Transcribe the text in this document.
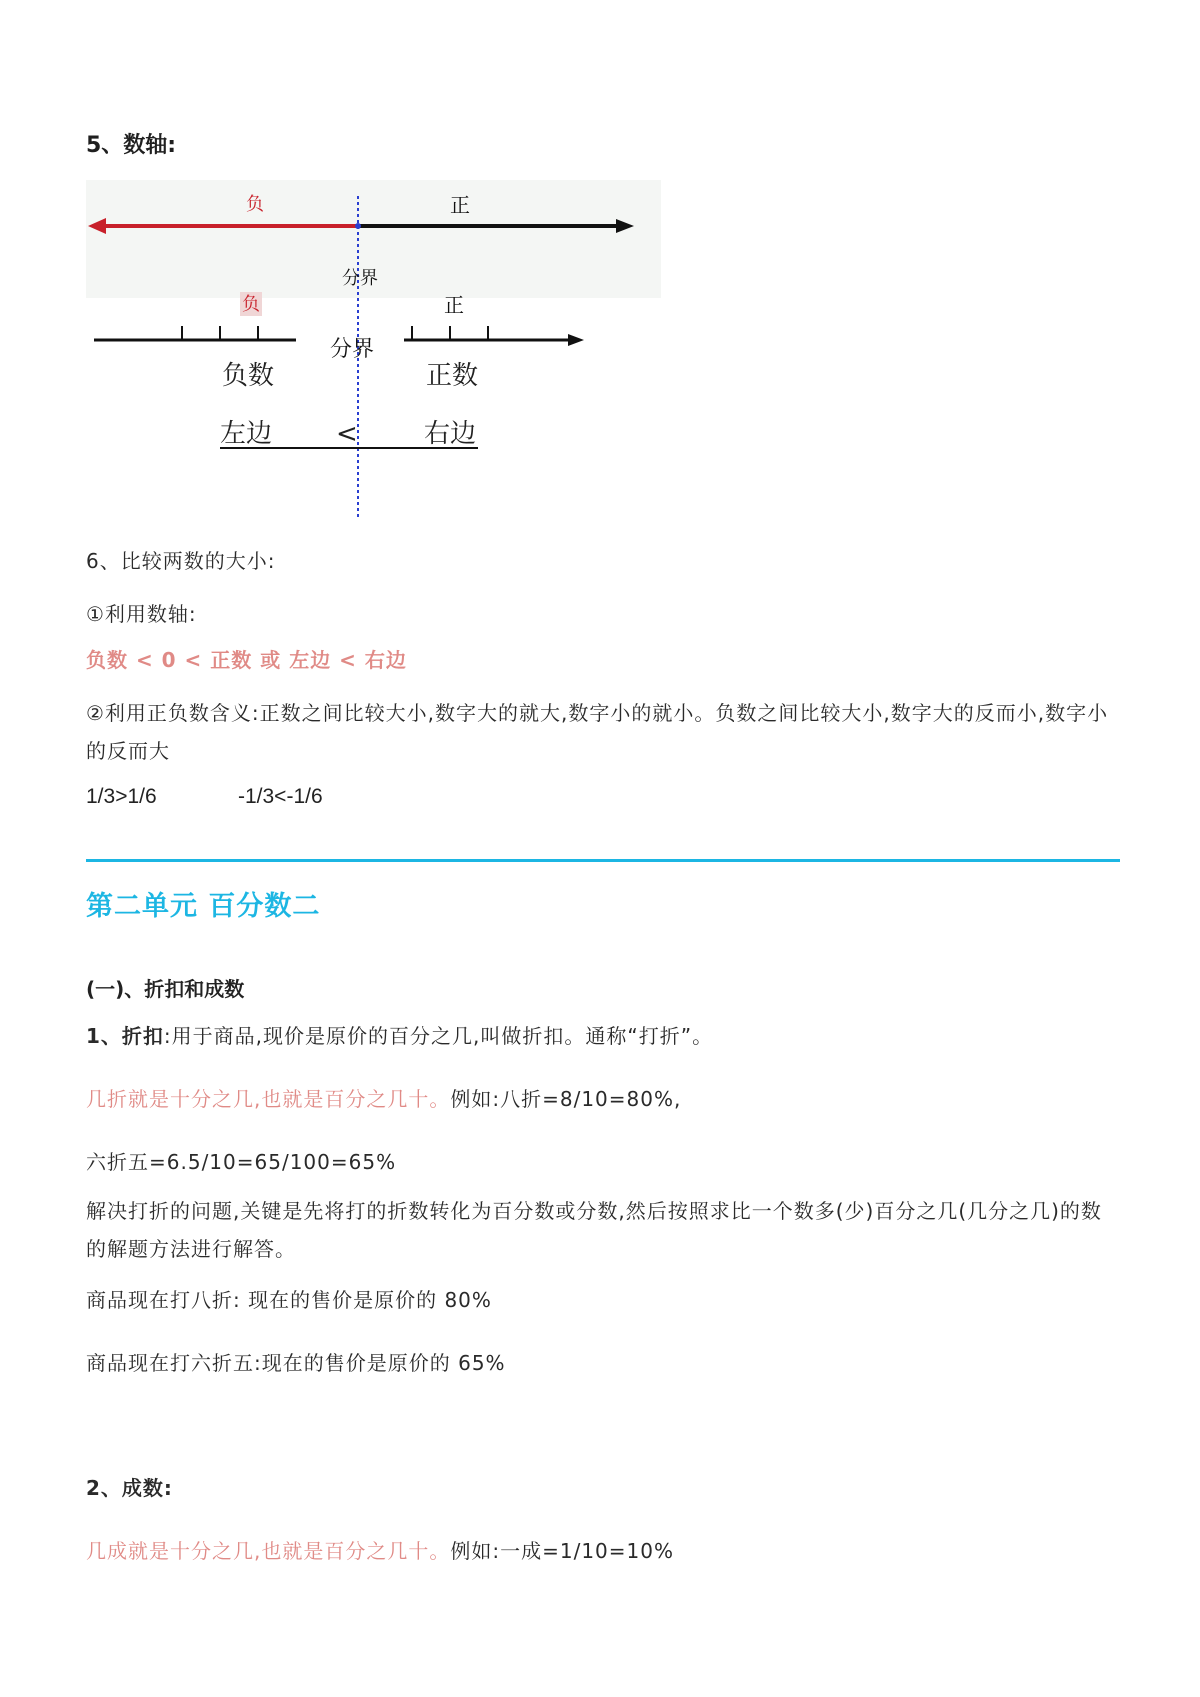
5、数轴:
负	正
分界
负	正
分界
负数	正数
左边 <	右边
6、比较两数的大小:
①利用数轴:
负数 < 0 < 正数 或 左边 < 右边
②利用正负数含义:正数之间比较大小,数字大的就大,数字小的就小。负数之间比较大小,数字大的反而小,数字小的反而大
1/3>1/6	-1/3<-1/6
第二单元 百分数二
(一)、折扣和成数
1、折扣:用于商品,现价是原价的百分之几,叫做折扣。通称“打折”。
几折就是十分之几,也就是百分之几十。例如:八折=8/10=80%,
六折五=6.5/10=65/100=65%
解决打折的问题,关键是先将打的折数转化为百分数或分数,然后按照求比一个数多(少)百分之几(几分之几)的数的解题方法进行解答。
商品现在打八折: 现在的售价是原价的 80%
商品现在打六折五:现在的售价是原价的 65%
2、成数:
几成就是十分之几,也就是百分之几十。例如:一成=1/10=10%
